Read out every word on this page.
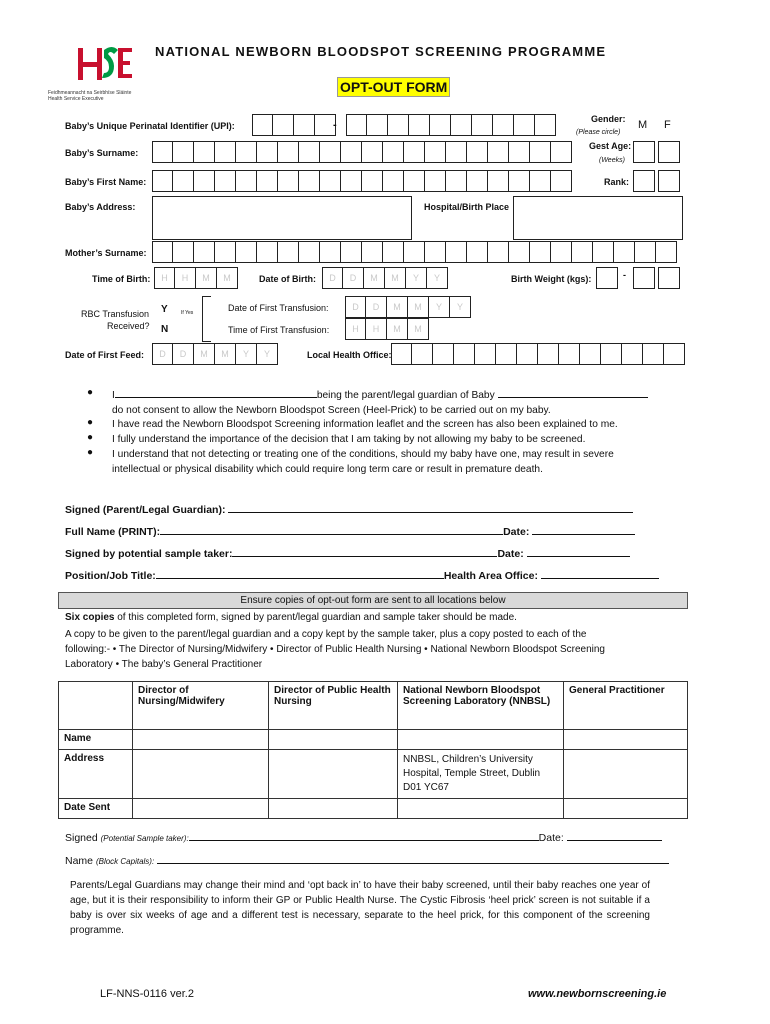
Feidhmeannacht na Seirbhíse Sláinte Health Service Executive
NATIONAL NEWBORN BLOODSPOT SCREENING PROGRAMME
OPT-OUT FORM
Baby’s Unique Perinatal Identifier (UPI):	-	Gender:
(Please circle)
M F
Baby’s Surname:
Gest Age:
(Weeks)
Baby’s First Name:	Rank:
Baby’s Address:	Hospital/Birth Place
Mother’s Surname:
Time of Birth:	H	H	M	M	Date of Birth:	D	D	M	M	Y	Y	Birth Weight (kgs):	-
RBC Transfusion
Received?
Y
N
If Yes	Date of First Transfusion:	D	D	M	M	Y	Y
Time of First Transfusion:	H	H	M	M
Date of First Feed:	D	D	M	M	Y	Y	Local Health Office:
● I	being the parent/legal guardian of Baby
do not consent to allow the Newborn Bloodspot Screen (Heel-Prick) to be carried out on my baby.
● I have read the Newborn Bloodspot Screening information leaflet and the screen has also been explained to me.
● I fully understand the importance of the decision that I am taking by not allowing my baby to be screened.
● I understand that not detecting or treating one of the conditions, should my baby have one, may result in severe intellectual or physical disability which could require long term care or result in premature death.
Signed (Parent/Legal Guardian):
Full Name (PRINT):	Date:
Signed by potential sample taker:	Date:
Position/Job Title:	Health Area Office:
Ensure copies of opt-out form are sent to all locations below
Six copies of this completed form, signed by parent/legal guardian and sample taker should be made.
A copy to be given to the parent/legal guardian and a copy kept by the sample taker, plus a copy posted to each of the following:- • The Director of Nursing/Midwifery • Director of Public Health Nursing • National Newborn Bloodspot Screening Laboratory • The baby’s General Practitioner
	Director of Nursing/Midwifery	Director of Public Health Nursing	National Newborn Bloodspot Screening Laboratory (NNBSL)	General Practitioner
Name				
Address			NNBSL, Children’s University Hospital, Temple Street, Dublin D01 YC67	
Date Sent				
Signed (Potential Sample taker):	Date:
Name (Block Capitals):
Parents/Legal Guardians may change their mind and ‘opt back in’ to have their baby screened, until their baby reaches one year of age, but it is their responsibility to inform their GP or Public Health Nurse. The Cystic Fibrosis ‘heel prick’ screen is not suitable if a baby is over six weeks of age and a different test is necessary, separate to the heel prick, for this component of the screening programme.
LF-NNS-0116 ver.2	www.newbornscreening.ie
